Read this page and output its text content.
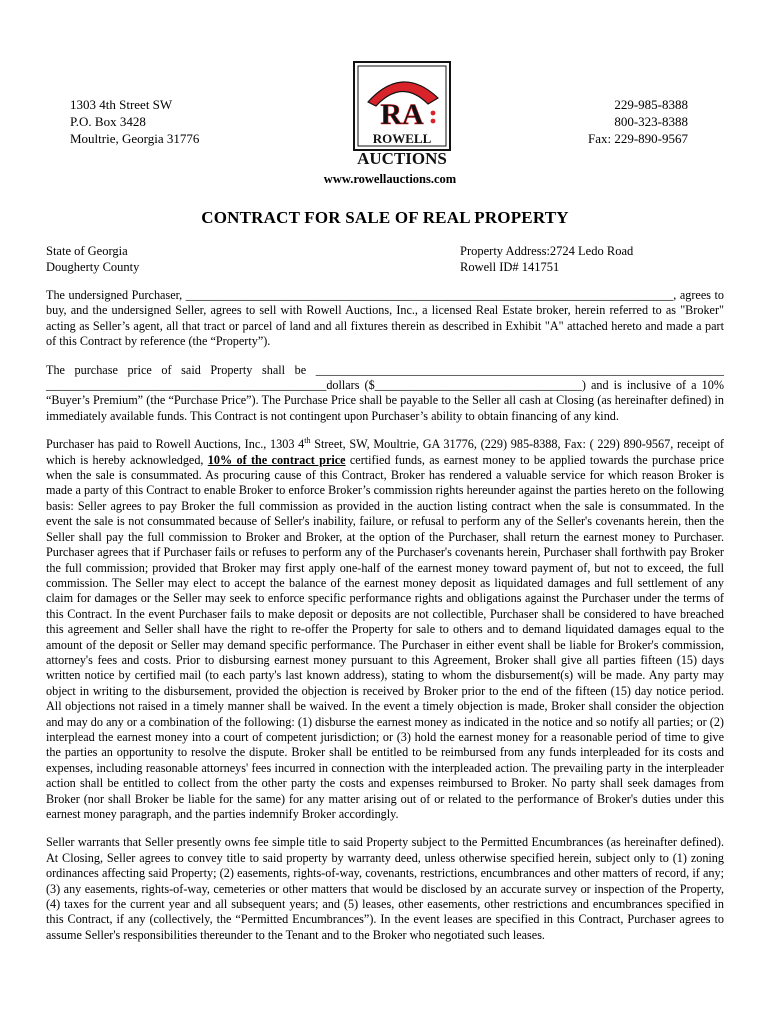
1303 4th Street SW
P.O. Box 3428
Moultrie, Georgia 31776
229-985-8388
800-323-8388
Fax: 229-890-9567
RA
ROWELL
AUCTIONS
www.rowellauctions.com
CONTRACT FOR SALE OF REAL PROPERTY
State of Georgia
Dougherty County
Property Address:2724 Ledo Road
Rowell ID# 141751

The undersigned Purchaser, ________________________________________________________________________________, agrees to buy, and the undersigned Seller, agrees to sell with Rowell Auctions, Inc., a licensed Real Estate broker, herein referred to as "Broker" acting as Seller’s agent, all that tract or parcel of land and all fixtures therein as described in Exhibit "A" attached hereto and made a part of this Contract by reference (the “Property”).

The purchase price of said Property shall be ___________________________________________________________________ ______________________________________________dollars ($__________________________________) and is inclusive of a 10% “Buyer’s Premium” (the “Purchase Price”). The Purchase Price shall be payable to the Seller all cash at Closing (as hereinafter defined) in immediately available funds. This Contract is not contingent upon Purchaser’s ability to obtain financing of any kind.

Purchaser has paid to Rowell Auctions, Inc., 1303 4th Street, SW, Moultrie, GA 31776, (229) 985-8388, Fax: ( 229) 890-9567, receipt of which is hereby acknowledged, 10% of the contract price certified funds, as earnest money to be applied towards the purchase price when the sale is consummated. As procuring cause of this Contract, Broker has rendered a valuable service for which reason Broker is made a party of this Contract to enable Broker to enforce Broker’s commission rights hereunder against the parties hereto on the following basis: Seller agrees to pay Broker the full commission as provided in the auction listing contract when the sale is consummated. In the event the sale is not consummated because of Seller's inability, failure, or refusal to perform any of the Seller's covenants herein, then the Seller shall pay the full commission to Broker and Broker, at the option of the Purchaser, shall return the earnest money to Purchaser. Purchaser agrees that if Purchaser fails or refuses to perform any of the Purchaser's covenants herein, Purchaser shall forthwith pay Broker the full commission; provided that Broker may first apply one-half of the earnest money toward payment of, but not to exceed, the full commission. The Seller may elect to accept the balance of the earnest money deposit as liquidated damages and full settlement of any claim for damages or the Seller may seek to enforce specific performance rights and obligations against the Purchaser under the terms of this Contract. In the event Purchaser fails to make deposit or deposits are not collectible, Purchaser shall be considered to have breached this agreement and Seller shall have the right to re-offer the Property for sale to others and to demand liquidated damages equal to the amount of the deposit or Seller may demand specific performance. The Purchaser in either event shall be liable for Broker's commission, attorney's fees and costs. Prior to disbursing earnest money pursuant to this Agreement, Broker shall give all parties fifteen (15) days written notice by certified mail (to each party's last known address), stating to whom the disbursement(s) will be made. Any party may object in writing to the disbursement, provided the objection is received by Broker prior to the end of the fifteen (15) day notice period. All objections not raised in a timely manner shall be waived. In the event a timely objection is made, Broker shall consider the objection and may do any or a combination of the following: (1) disburse the earnest money as indicated in the notice and so notify all parties; or (2) interplead the earnest money into a court of competent jurisdiction; or (3) hold the earnest money for a reasonable period of time to give the parties an opportunity to resolve the dispute. Broker shall be entitled to be reimbursed from any funds interpleaded for its costs and expenses, including reasonable attorneys' fees incurred in connection with the interpleaded action. The prevailing party in the interpleader action shall be entitled to collect from the other party the costs and expenses reimbursed to Broker. No party shall seek damages from Broker (nor shall Broker be liable for the same) for any matter arising out of or related to the performance of Broker's duties under this earnest money paragraph, and the parties indemnify Broker accordingly.

Seller warrants that Seller presently owns fee simple title to said Property subject to the Permitted Encumbrances (as hereinafter defined). At Closing, Seller agrees to convey title to said property by warranty deed, unless otherwise specified herein, subject only to (1) zoning ordinances affecting said Property; (2) easements, rights-of-way, covenants, restrictions, encumbrances and other matters of record, if any; (3) any easements, rights-of-way, cemeteries or other matters that would be disclosed by an accurate survey or inspection of the Property, (4) taxes for the current year and all subsequent years; and (5) leases, other easements, other restrictions and encumbrances specified in this Contract, if any (collectively, the “Permitted Encumbrances”). In the event leases are specified in this Contract, Purchaser agrees to assume Seller's responsibilities thereunder to the Tenant and to the Broker who negotiated such leases.
